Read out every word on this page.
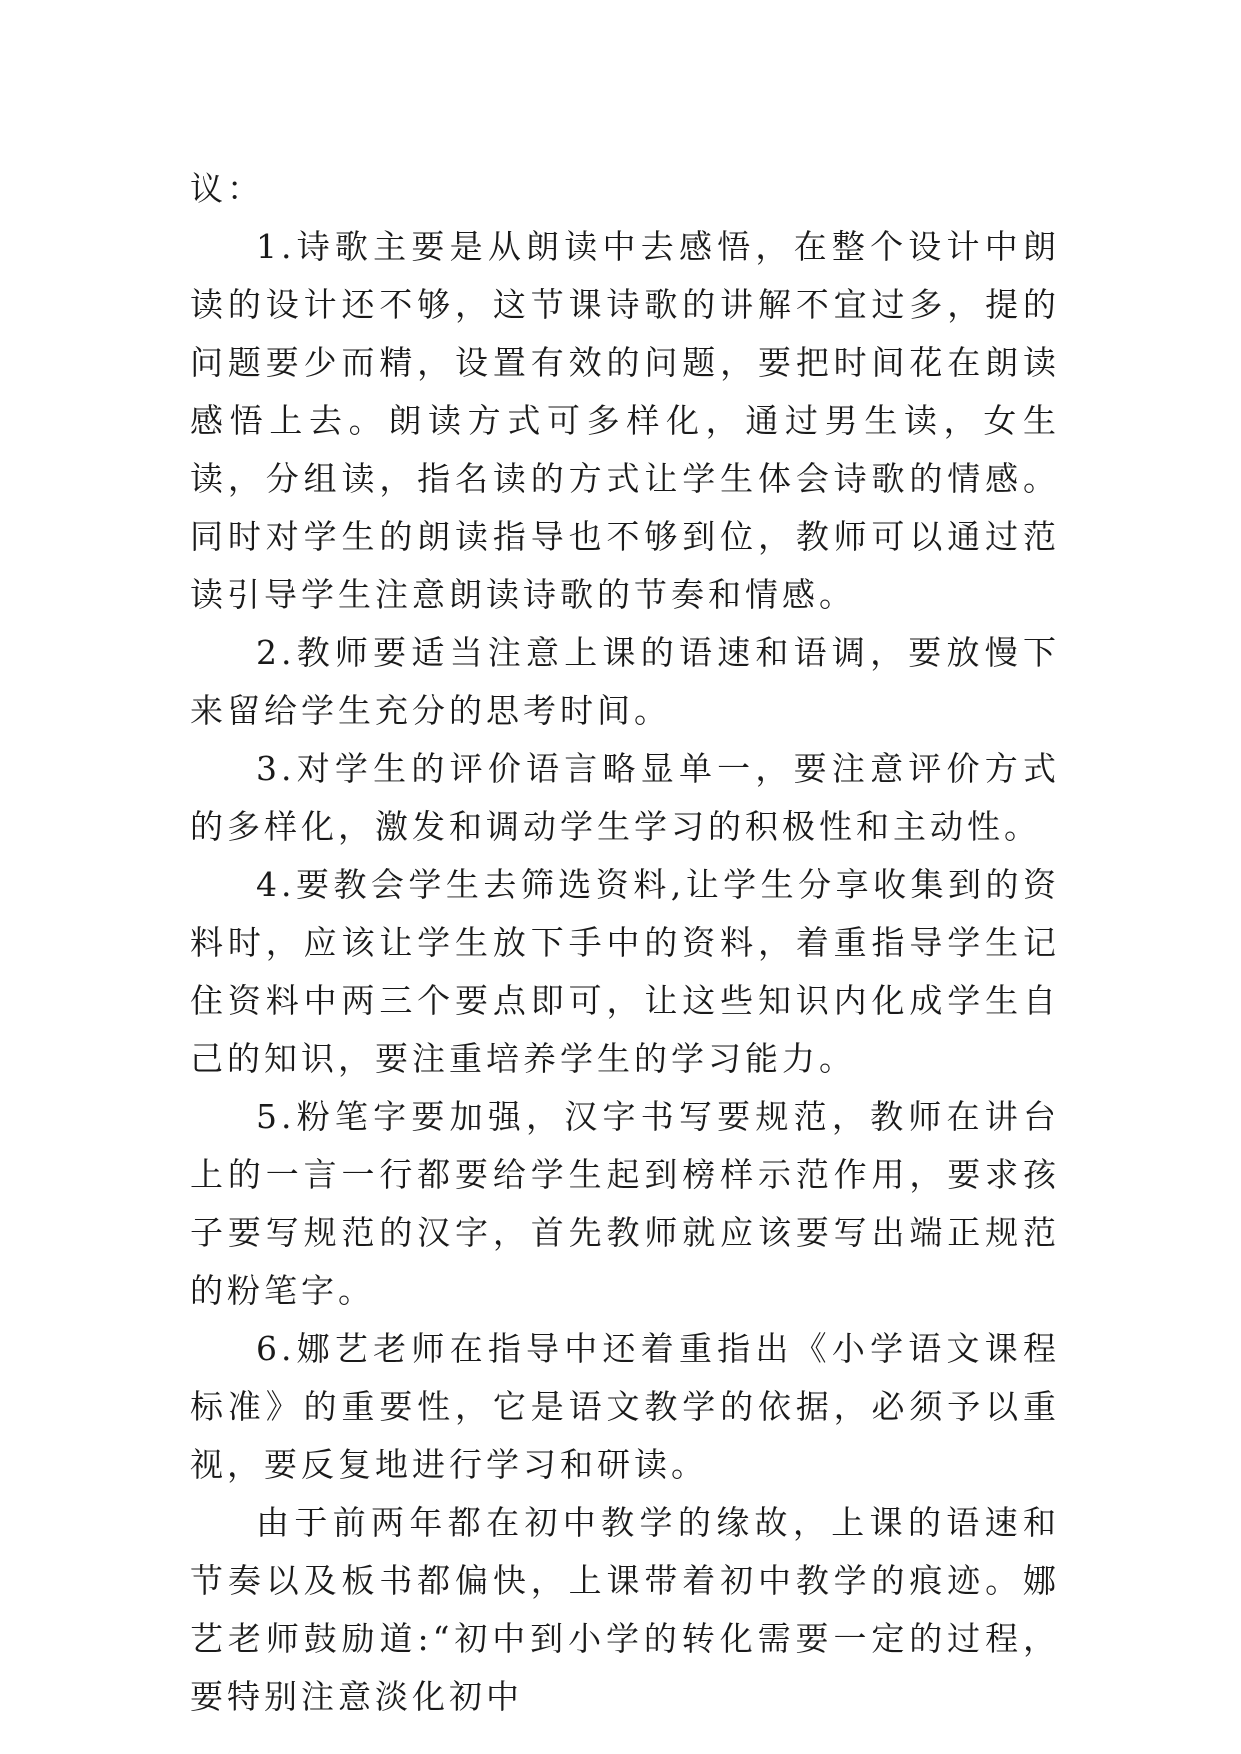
议：

1.诗歌主要是从朗读中去感悟，在整个设计中朗读的设计还不够，这节课诗歌的讲解不宜过多，提的问题要少而精，设置有效的问题，要把时间花在朗读感悟上去。朗读方式可多样化，通过男生读，女生读，分组读，指名读的方式让学生体会诗歌的情感。同时对学生的朗读指导也不够到位，教师可以通过范读引导学生注意朗读诗歌的节奏和情感。

2.教师要适当注意上课的语速和语调，要放慢下来留给学生充分的思考时间。

3.对学生的评价语言略显单一，要注意评价方式的多样化，激发和调动学生学习的积极性和主动性。

4.要教会学生去筛选资料,让学生分享收集到的资料时，应该让学生放下手中的资料，着重指导学生记住资料中两三个要点即可，让这些知识内化成学生自己的知识，要注重培养学生的学习能力。

5.粉笔字要加强，汉字书写要规范，教师在讲台上的一言一行都要给学生起到榜样示范作用，要求孩子要写规范的汉字，首先教师就应该要写出端正规范的粉笔字。

6.娜艺老师在指导中还着重指出《小学语文课程标准》的重要性，它是语文教学的依据，必须予以重视，要反复地进行学习和研读。

由于前两年都在初中教学的缘故，上课的语速和节奏以及板书都偏快，上课带着初中教学的痕迹。娜艺老师鼓励道:“初中到小学的转化需要一定的过程，要特别注意淡化初中
